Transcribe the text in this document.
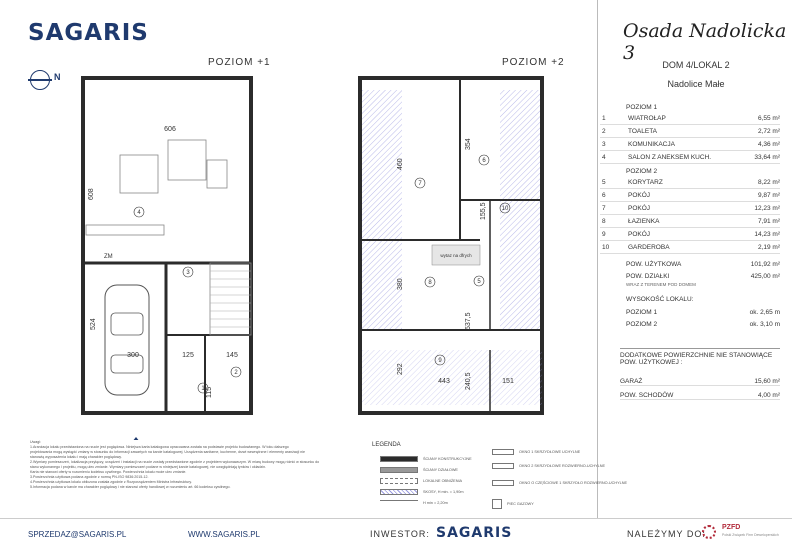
SAGARIS	Osada Nadolicka 3
N
POZIOM +1	POZIOM +2
606
608
524
300	125	145
115
ZM
4
3
2
1
wytaz na dfrych
460
354
155,5
380
537,5
292
240,5
443	151
7
6
10
8	5
9
DOM 4/LOKAL 2
Nadolice Małe
POZIOM 1
1	WIATROŁAP	6,55 m²
2	TOALETA	2,72 m²
3	KOMUNIKACJA	4,36 m²
4	SALON Z ANEKSEM KUCH.	33,64 m²
POZIOM 2
5	KORYTARZ	8,22 m²
6	POKÓJ	9,87 m²
7	POKÓJ	12,23 m²
8	ŁAZIENKA	7,91 m²
9	POKÓJ	14,23 m²
10	GARDEROBA	2,19 m²
POW. UŻYTKOWA	101,92 m²
POW. DZIAŁKI	425,00 m²
WRAZ Z TERENEM POD DOMEM
WYSOKOŚĆ LOKALU:
POZIOM 1	ok. 2,65 m
POZIOM 2	ok. 3,10 m
DODATKOWE POWIERZCHNIE NIE STANOWIĄCE POW. UŻYTKOWEJ :
GARAŻ	15,60 m²
POW. SCHODÓW	4,00 m²
Uwagi:
1.Aranżacja lokalu przedstawiona na rzucie jest poglądowa. Niniejsza karta katalogowa opracowana została na podstawie projektu budowlanego. W toku dalszego
projektowania mogą wystąpić zmiany w stosunku do informacji zawartych na karcie katalogowej. Urządzenia sanitarne, kuchenne, drzwi wewnętrzne i elementy aranżacji nie
stanowią wyposażenia lokalu i mają charakter poglądowy.
2.Wymiary pomieszczeń, lokalizacja przyłączy, urządzeń i instalacji na rzucie zostały przedstawione zgodnie z projektem wykonawczym. W miarę budowy mogą różnić w stosunku do
stanu wykonanego i projektu, mogą ulec zmianie. Wymiary pomieszczeń podane w niniejszej karcie katalogowej, nie uwzględniają tynków i okładzin.
Karta nie stanowi oferty w rozumieniu kodeksu cywilnego. Powierzchnia lokalu może ulec zmianie.
3.Powierzchnia użytkowa podana zgodnie z normą PN-ISO 9836:2015-12.
4.Powierzchnia użytkowa lokalu obliczona została zgodnie z Rozporządzeniem Ministra Infrastruktury.
5.Informacja podana w karcie ma charakter poglądowy i nie stanowi oferty handlowej w rozumieniu art. 66 kodeksu cywilnego.
LEGENDA
ŚCIANY KONSTRUKCYJNE
ŚCIANY DZIAŁOWE
LOKALNE OBNIŻENIA
SKOSY, H min. = 1,90m
H min = 2,20m
OKNO 1 SKRZYDŁOWE UCHYLNE
OKNO 2 SKRZYDŁOWE ROZWIERNO-UCHYLNE
OKNO O CZĘŚCIOWE 1 SKRZYDŁO ROZWIERNO-UCHYLNE
PIEC GAZOWY
SPRZEDAZ@SAGARIS.PL	WWW.SAGARIS.PL	INWESTOR: SAGARIS	NALEŻYMY DO:
PZFD
Polski Związek Firm Deweloperskich
